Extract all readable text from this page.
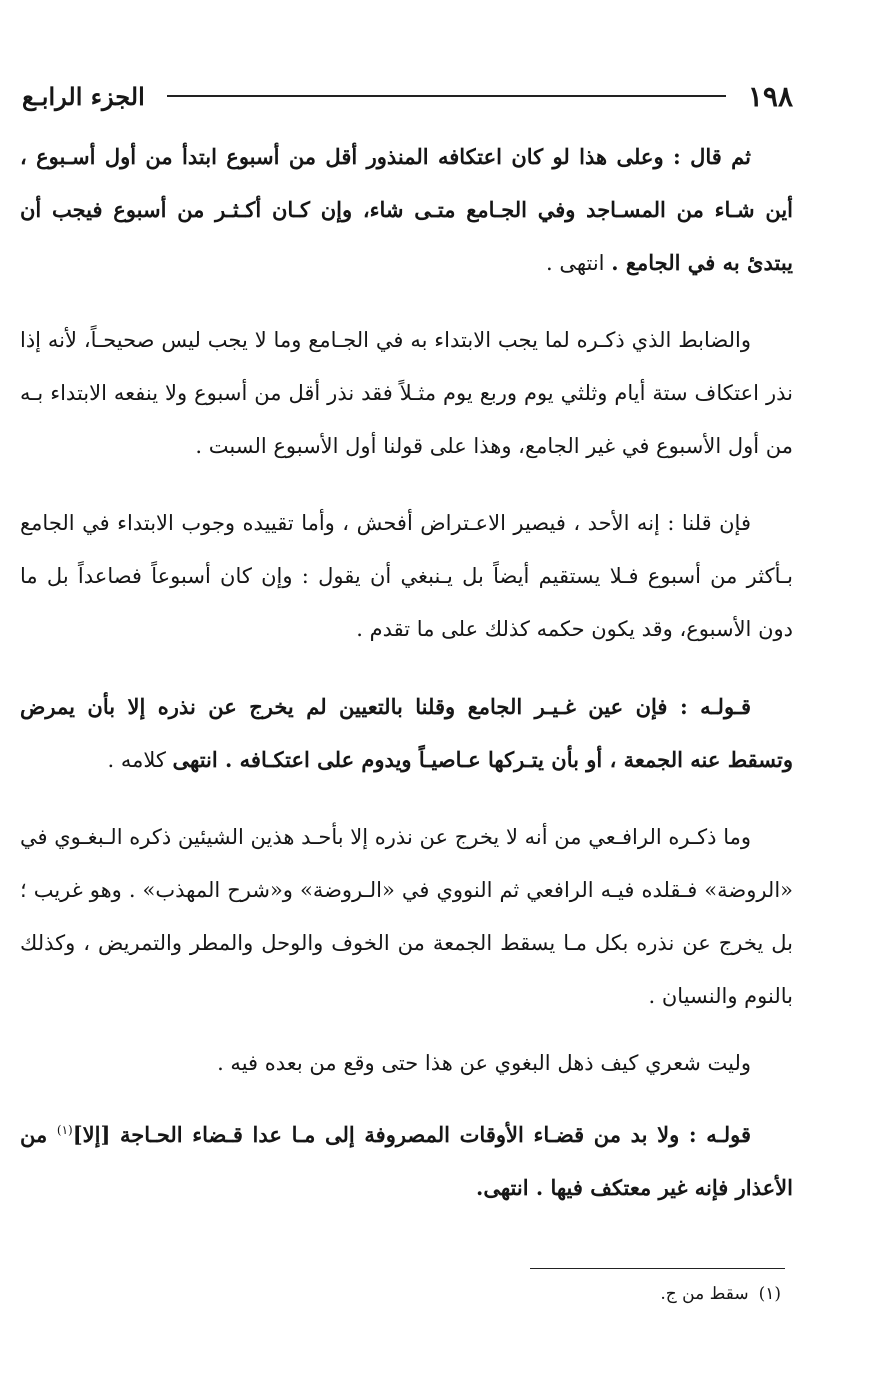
١٩٨
الجزء الرابـع

ثم قال : وعلى هذا لو كان اعتكافه المنذور أقل من أسبوع ابتدأ من أول أسـبوع ، أين شـاء من المسـاجد وفي الجـامع متـى شاء، وإن كـان أكـثـر من أسبوع فيجب أن يبتدئ به في الجامع . انتهى .

والضابط الذي ذكـره لما يجب الابتداء به في الجـامع وما لا يجب ليس صحيحـاً، لأنه إذا نذر اعتكاف ستة أيام وثلثي يوم وربع يوم مثـلاً فقد نذر أقل من أسبوع ولا ينفعه الابتداء بـه من أول الأسبوع في غير الجامع، وهذا على قولنا أول الأسبوع السبت .

فإن قلنا : إنه الأحد ، فيصير الاعـتراض أفحش ، وأما تقييده وجوب الابتداء في الجامع بـأكثر من أسبوع فـلا يستقيم أيضاً بل يـنبغي أن يقول : وإن كان أسبوعاً فصاعداً بل ما دون الأسبوع، وقد يكون حكمه كذلك على ما تقدم .

قـولـه : فإن عين غـيـر الجامع وقلنا بالتعيين لم يخرج عن نذره إلا بأن يمرض وتسقط عنه الجمعة ، أو بأن يتـركها عـاصيـاً ويدوم على اعتكـافه . انتهى كلامه .

وما ذكـره الرافـعي من أنه لا يخرج عن نذره إلا بأحـد هذين الشيئين ذكره الـبغـوي في «الروضة» فـقلده فيـه الرافعي ثم النووي في «الـروضة» و«شرح المهذب» . وهو غريب ؛ بل يخرج عن نذره بكل مـا يسقط الجمعة من الخوف والوحل والمطر والتمريض ، وكذلك بالنوم والنسيان .

وليت شعري كيف ذهل البغوي عن هذا حتى وقع من بعده فيه .

قولـه : ولا بد من قضـاء الأوقات المصروفة إلى مـا عدا قـضاء الحـاجة [إلا]$^{(١)}$ من الأعذار فإنه غير معتكف فيها . انتهى.

(١)
سقط من ج.
